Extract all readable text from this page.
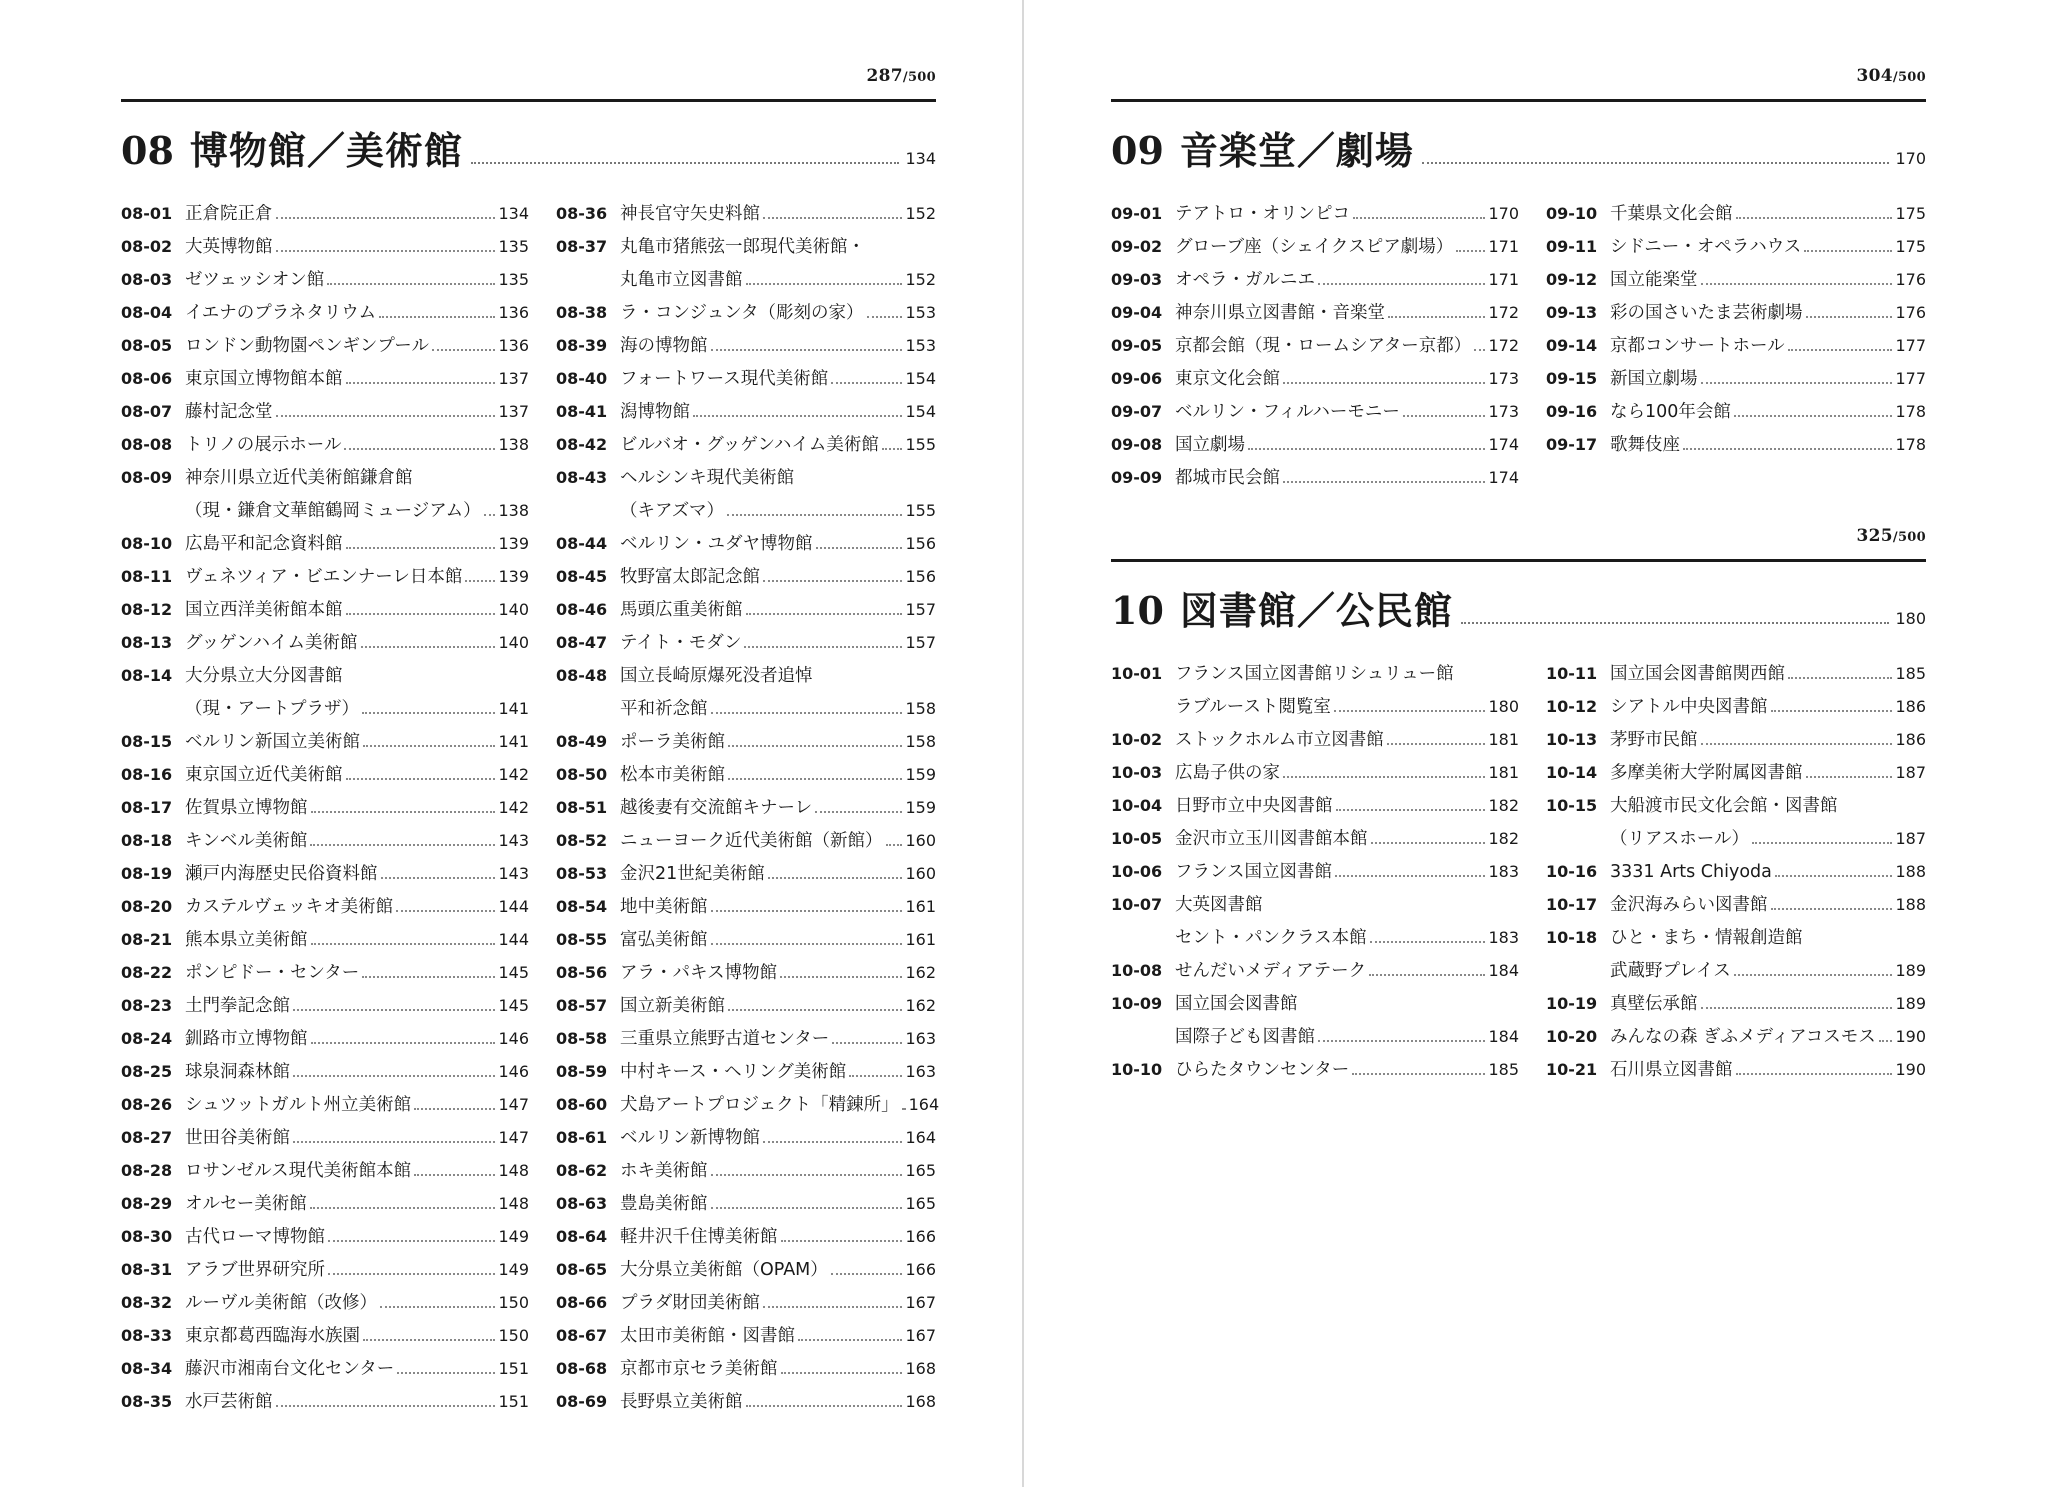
287/500
08 博物館／美術館	134
08-01 正倉院正倉	134
08-02 大英博物館	135
08-03 ゼツェッシオン館	135
08-04 イエナのプラネタリウム	136
08-05 ロンドン動物園ペンギンプール	136
08-06 東京国立博物館本館	137
08-07 藤村記念堂	137
08-08 トリノの展示ホール	138
08-09 神奈川県立近代美術館鎌倉館
（現・鎌倉文華館鶴岡ミュージアム） 138
08-10 広島平和記念資料館	139
08-11 ヴェネツィア・ビエンナーレ日本館 139
08-12 国立西洋美術館本館	140
08-13 グッゲンハイム美術館	140
08-14 大分県立大分図書館
（現・アートプラザ）	141
08-15 ベルリン新国立美術館	141
08-16 東京国立近代美術館	142
08-17 佐賀県立博物館	142
08-18 キンベル美術館	143
08-19 瀬戸内海歴史民俗資料館	143
08-20 カステルヴェッキオ美術館	144
08-21 熊本県立美術館	144
08-22 ポンピドー・センター	145
08-23 土門拳記念館	145
08-24 釧路市立博物館	146
08-25 球泉洞森林館	146
08-26 シュツットガルト州立美術館	147
08-27 世田谷美術館	147
08-28 ロサンゼルス現代美術館本館	148
08-29 オルセー美術館	148
08-30 古代ローマ博物館	149
08-31 アラブ世界研究所	149
08-32 ルーヴル美術館（改修）	150
08-33 東京都葛西臨海水族園	150
08-34 藤沢市湘南台文化センター	151
08-35 水戸芸術館	151
08-36 神長官守矢史料館	152
08-37 丸亀市猪熊弦一郎現代美術館・
丸亀市立図書館	152
08-38 ラ・コンジュンタ（彫刻の家）	153
08-39 海の博物館	153
08-40 フォートワース現代美術館	154
08-41 潟博物館	154
08-42 ビルバオ・グッゲンハイム美術館 155
08-43 ヘルシンキ現代美術館
（キアズマ）	155
08-44 ベルリン・ユダヤ博物館	156
08-45 牧野富太郎記念館	156
08-46 馬頭広重美術館	157
08-47 テイト・モダン	157
08-48 国立長崎原爆死没者追悼
平和祈念館	158
08-49 ポーラ美術館	158
08-50 松本市美術館	159
08-51 越後妻有交流館キナーレ	159
08-52 ニューヨーク近代美術館（新館） 160
08-53 金沢21世紀美術館	160
08-54 地中美術館	161
08-55 富弘美術館	161
08-56 アラ・パキス博物館	162
08-57 国立新美術館	162
08-58 三重県立熊野古道センター	163
08-59 中村キース・ヘリング美術館	163
08-60 犬島アートプロジェクト「精錬所」 164
08-61 ベルリン新博物館	164
08-62 ホキ美術館	165
08-63 豊島美術館	165
08-64 軽井沢千住博美術館	166
08-65 大分県立美術館（OPAM）	166
08-66 プラダ財団美術館	167
08-67 太田市美術館・図書館	167
08-68 京都市京セラ美術館	168
08-69 長野県立美術館	168
304/500
09 音楽堂／劇場	170
09-01 テアトロ・オリンピコ	170
09-02 グローブ座（シェイクスピア劇場） 171
09-03 オペラ・ガルニエ	171
09-04 神奈川県立図書館・音楽堂	172
09-05 京都会館（現・ロームシアター京都） 172
09-06 東京文化会館	173
09-07 ベルリン・フィルハーモニー	173
09-08 国立劇場	174
09-09 都城市民会館	174
09-10 千葉県文化会館	175
09-11 シドニー・オペラハウス	175
09-12 国立能楽堂	176
09-13 彩の国さいたま芸術劇場	176
09-14 京都コンサートホール	177
09-15 新国立劇場	177
09-16 なら100年会館	178
09-17 歌舞伎座	178
325/500
10 図書館／公民館	180
10-01 フランス国立図書館リシュリュー館
ラブルースト閲覧室	180
10-02 ストックホルム市立図書館	181
10-03 広島子供の家	181
10-04 日野市立中央図書館	182
10-05 金沢市立玉川図書館本館	182
10-06 フランス国立図書館	183
10-07 大英図書館
セント・パンクラス本館	183
10-08 せんだいメディアテーク	184
10-09 国立国会図書館
国際子ども図書館	184
10-10 ひらたタウンセンター	185
10-11 国立国会図書館関西館	185
10-12 シアトル中央図書館	186
10-13 茅野市民館	186
10-14 多摩美術大学附属図書館	187
10-15 大船渡市民文化会館・図書館
（リアスホール）	187
10-16 3331 Arts Chiyoda	188
10-17 金沢海みらい図書館	188
10-18 ひと・まち・情報創造館
武蔵野プレイス	189
10-19 真壁伝承館	189
10-20 みんなの森 ぎふメディアコスモス 190
10-21 石川県立図書館	190
